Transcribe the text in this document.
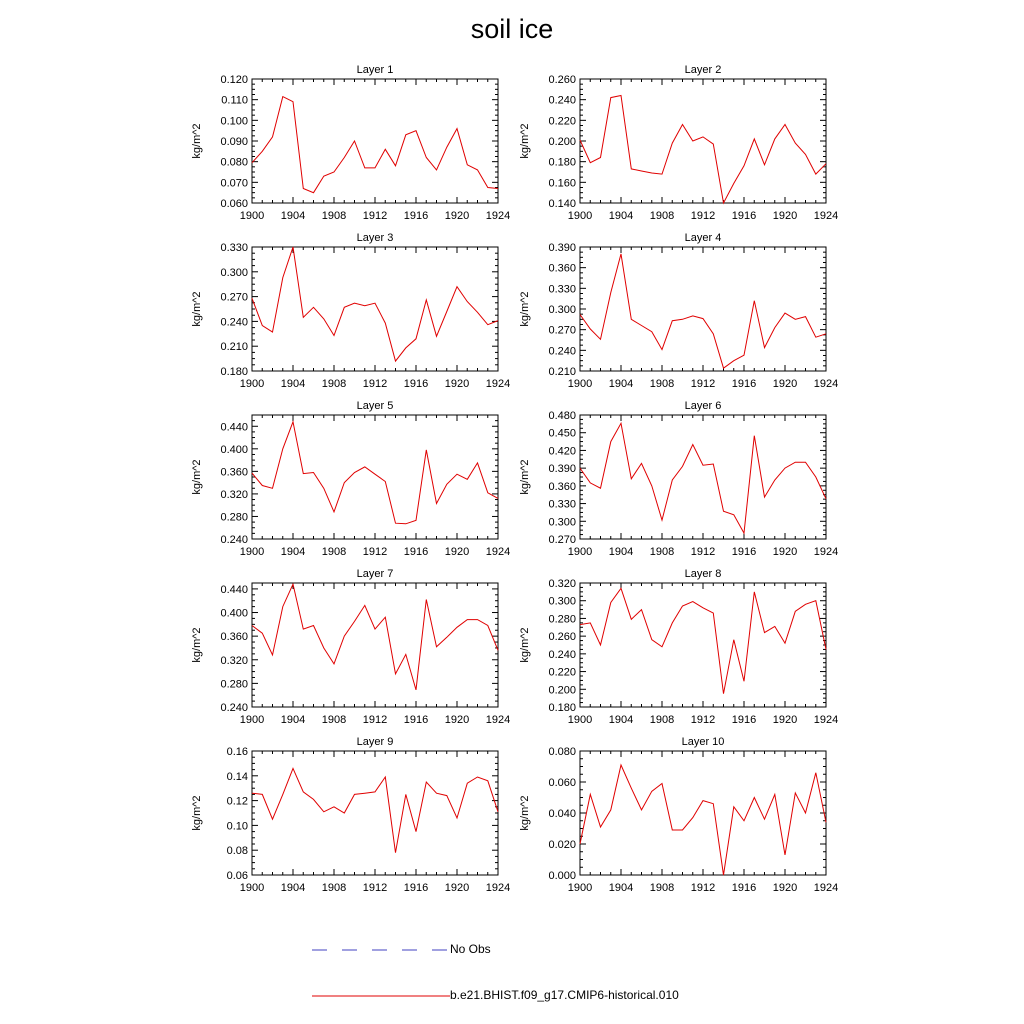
soil ice
1900 1904 1908 1912 1916 1920 1924
0.060
0.070
0.080
0.090
0.100
0.110
0.120
Layer 1
kg/m^2
1900 1904 1908 1912 1916 1920 1924
0.140
0.160
0.180
0.200
0.220
0.240
0.260
Layer 2
kg/m^2
1900 1904 1908 1912 1916 1920 1924
0.180
0.210
0.240
0.270
0.300
0.330
Layer 3
kg/m^2
1900 1904 1908 1912 1916 1920 1924
0.210
0.240
0.270
0.300
0.330
0.360
0.390
Layer 4
kg/m^2
1900 1904 1908 1912 1916 1920 1924
0.240
0.280
0.320
0.360
0.400
0.440
Layer 5
kg/m^2
1900 1904 1908 1912 1916 1920 1924
0.270
0.300
0.330
0.360
0.390
0.420
0.450
0.480
Layer 6
kg/m^2
1900 1904 1908 1912 1916 1920 1924
0.240
0.280
0.320
0.360
0.400
0.440
Layer 7
kg/m^2
1900 1904 1908 1912 1916 1920 1924
0.180
0.200
0.220
0.240
0.260
0.280
0.300
0.320
Layer 8
kg/m^2
1900 1904 1908 1912 1916 1920 1924
0.06
0.08
0.10
0.12
0.14
0.16
Layer 9
kg/m^2
1900 1904 1908 1912 1916 1920 1924
0.000
0.020
0.040
0.060
0.080
Layer 10
kg/m^2
No Obs
b.e21.BHIST.f09_g17.CMIP6-historical.010
